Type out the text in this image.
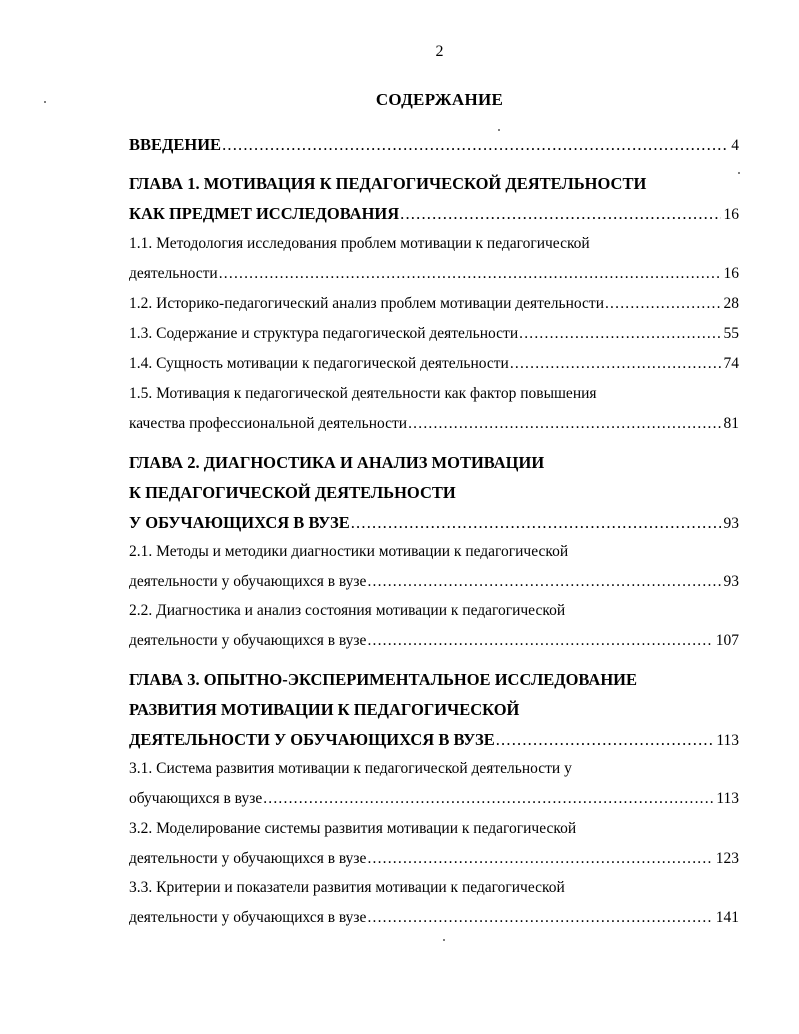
2
СОДЕРЖАНИЕ
ВВЕДЕНИЕ .....	4
ГЛАВА 1. МОТИВАЦИЯ К ПЕДАГОГИЧЕСКОЙ ДЕЯТЕЛЬНОСТИ
КАК ПРЕДМЕТ ИССЛЕДОВАНИЯ .....	16
1.1. Методология исследования проблем мотивации к педагогической
деятельности .....	16
1.2. Историко-педагогический анализ проблем мотивации деятельности .....	28
1.3. Содержание и структура педагогической деятельности .....	55
1.4. Сущность мотивации к педагогической деятельности .....	74
1.5. Мотивация к педагогической деятельности как фактор повышения
качества профессиональной деятельности .....	81
ГЛАВА 2. ДИАГНОСТИКА И АНАЛИЗ МОТИВАЦИИ
К ПЕДАГОГИЧЕСКОЙ ДЕЯТЕЛЬНОСТИ
У ОБУЧАЮЩИХСЯ В ВУЗЕ .....	93
2.1. Методы и методики диагностики мотивации к педагогической
деятельности у обучающихся в вузе .....	93
2.2. Диагностика и анализ состояния мотивации к педагогической
деятельности у обучающихся в вузе .....	107
ГЛАВА 3. ОПЫТНО-ЭКСПЕРИМЕНТАЛЬНОЕ ИССЛЕДОВАНИЕ
РАЗВИТИЯ МОТИВАЦИИ К ПЕДАГОГИЧЕСКОЙ
ДЕЯТЕЛЬНОСТИ У ОБУЧАЮЩИХСЯ В ВУЗЕ .....	113
3.1. Система развития мотивации к педагогической деятельности у
обучающихся в вузе .....	113
3.2. Моделирование системы развития мотивации к педагогической
деятельности у обучающихся в вузе .....	123
3.3. Критерии и показатели развития мотивации к педагогической
деятельности у обучающихся в вузе .....	141
